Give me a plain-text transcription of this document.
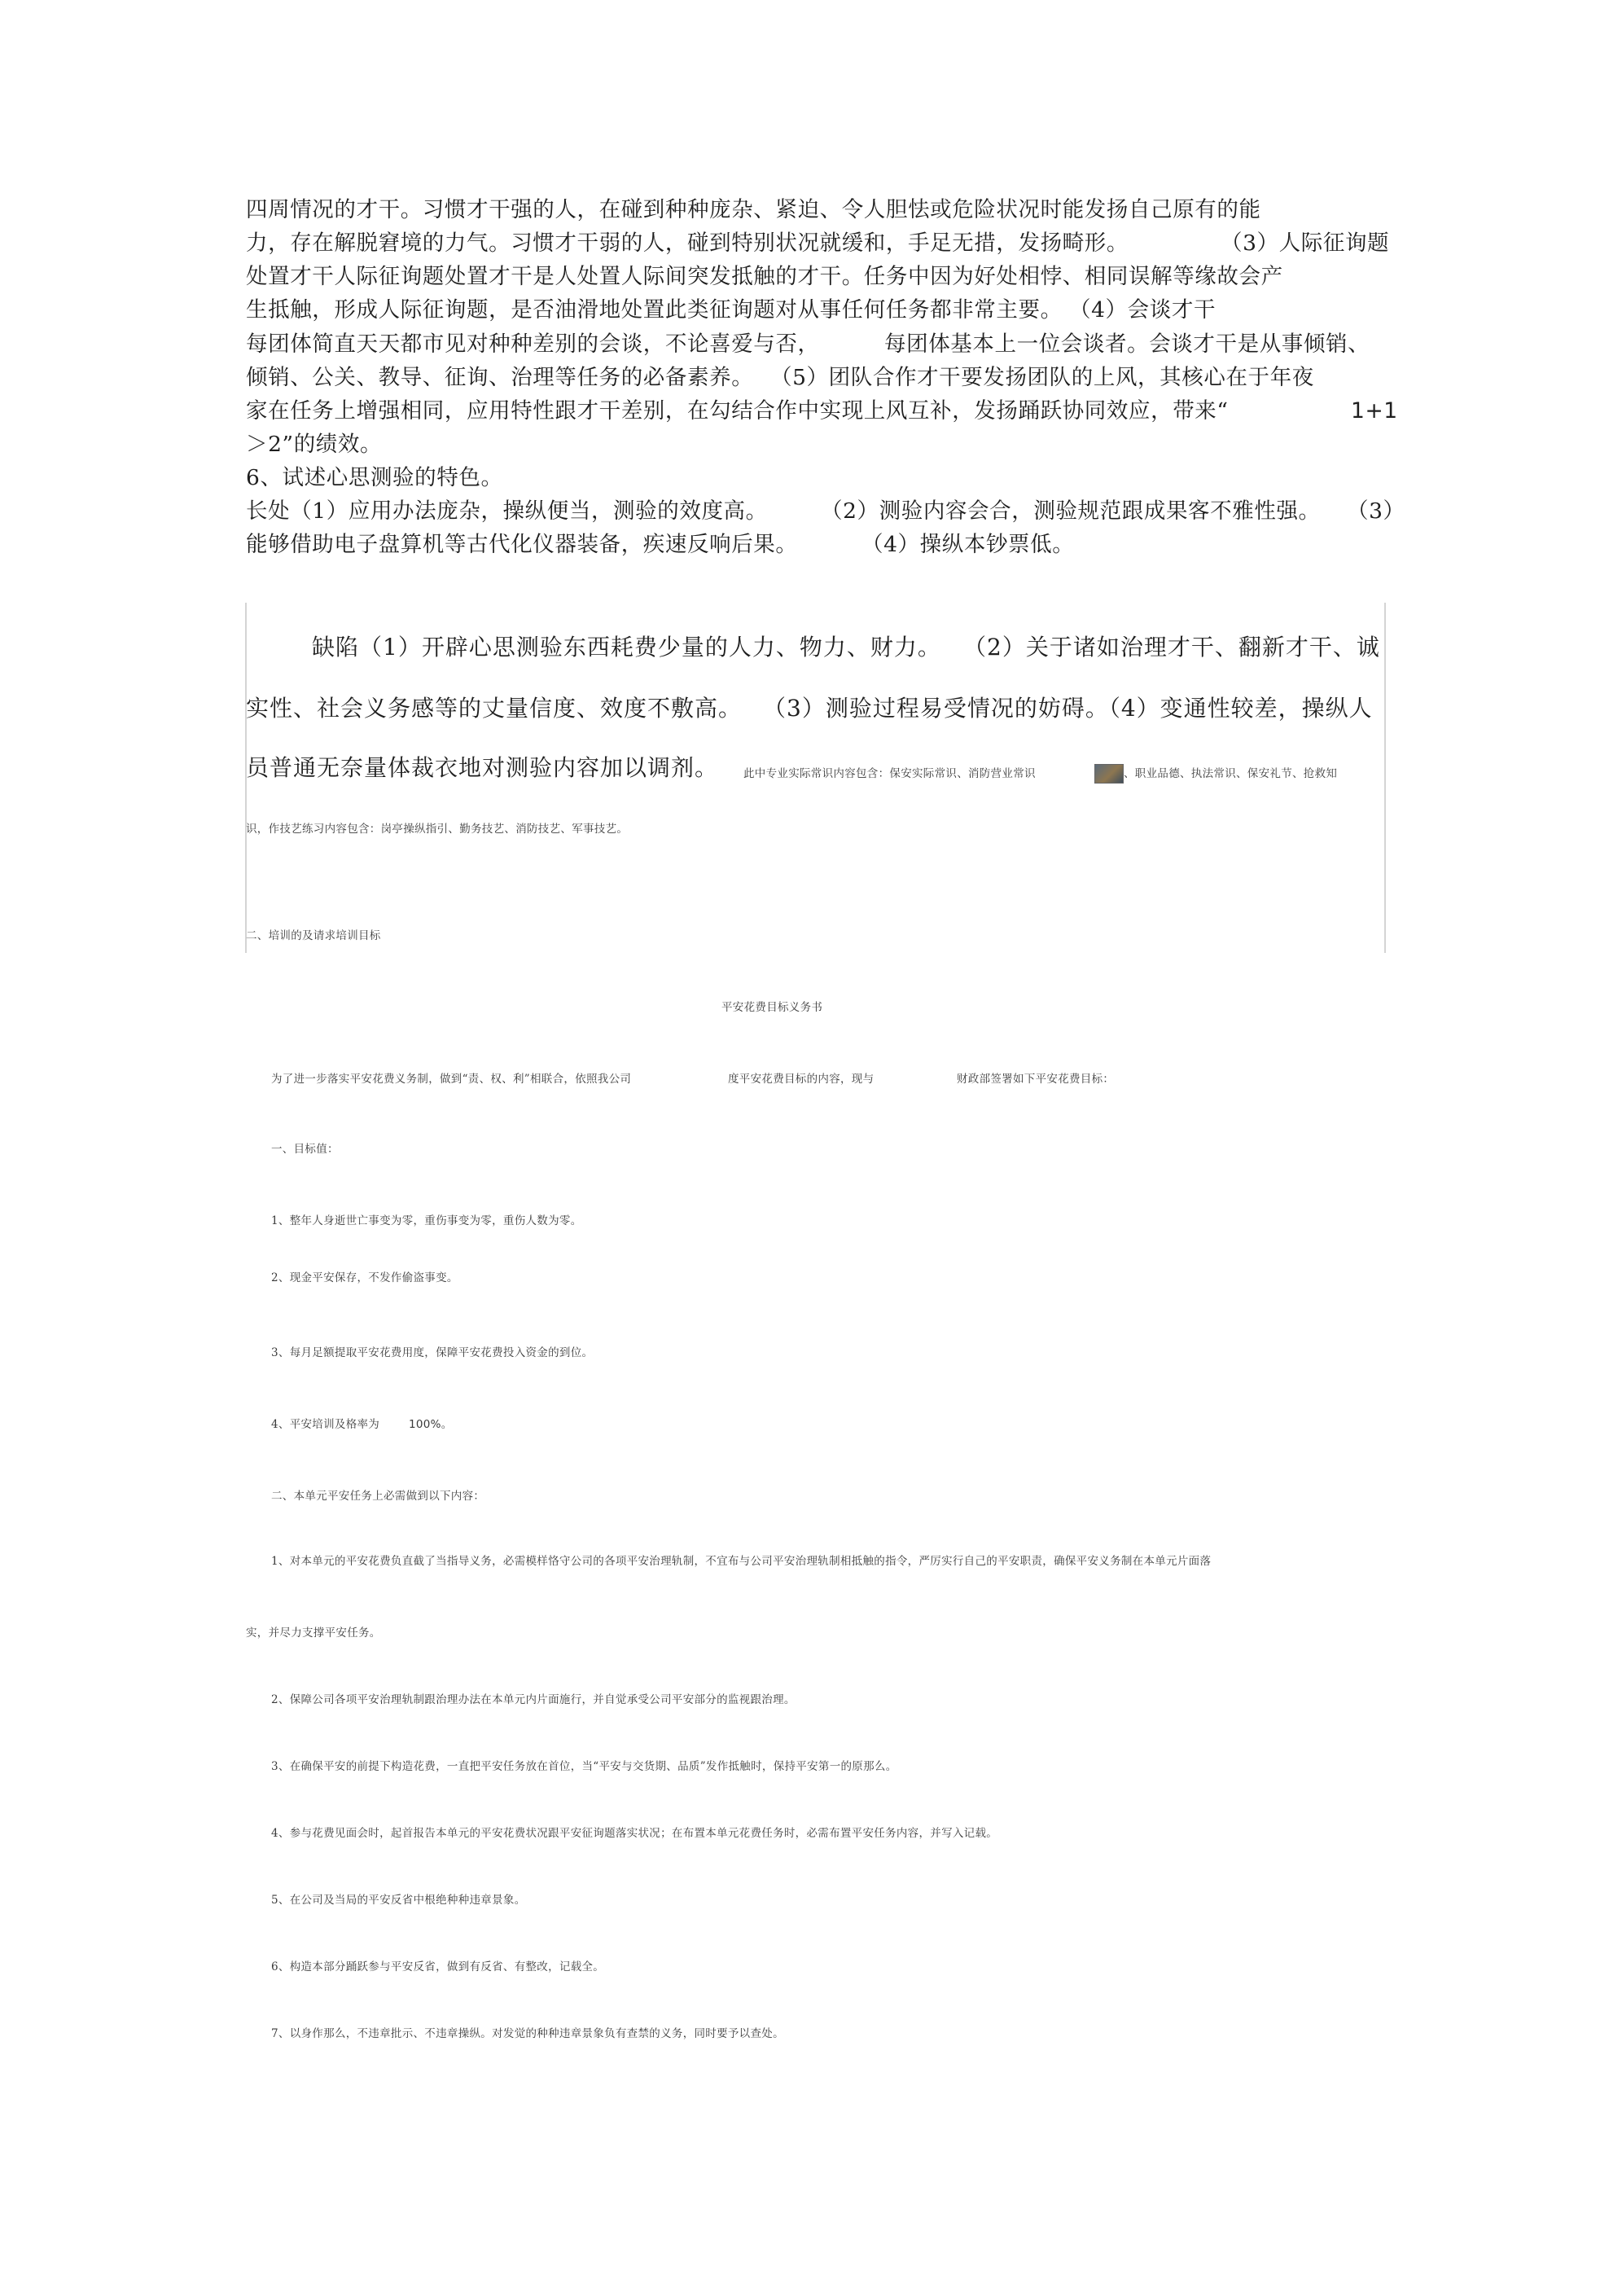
四周情况的才干。习惯才干强的人，在碰到种种庞杂、紧迫、令人胆怯或危险状况时能发扬自己原有的能
力，存在解脱窘境的力气。习惯才干弱的人，碰到特别状况就缓和，手足无措，发扬畸形。	（3）人际征询题
处置才干人际征询题处置才干是人处置人际间突发抵触的才干。任务中因为好处相悖、相同误解等缘故会产
生抵触，形成人际征询题，是否油滑地处置此类征询题对从事任何任务都非常主要。 （4）会谈才干
每团体简直天天都市见对种种差别的会谈，不论喜爱与否，	每团体基本上一位会谈者。会谈才干是从事倾销、
倾销、公关、教导、征询、治理等任务的必备素养。 （5）团队合作才干要发扬团队的上风，其核心在于年夜
家在任务上增强相同，应用特性跟才干差别，在勾结合作中实现上风互补，发扬踊跃协同效应，带来“	1+1
＞2”的绩效。
6、试述心思测验的特色。
长处（1）应用办法庞杂，操纵便当，测验的效度高。 （2）测验内容会合，测验规范跟成果客不雅性强。 （3）
能够借助电子盘算机等古代化仪器装备，疾速反响后果。	（4）操纵本钞票低。
缺陷（1）开辟心思测验东西耗费少量的人力、物力、财力。 （2）关于诸如治理才干、翻新才干、诚
实性、社会义务感等的丈量信度、效度不敷高。 （3）测验过程易受情况的妨碍。（4）变通性较差，操纵人
员普通无奈量体裁衣地对测验内容加以调剂。 此中专业实际常识内容包含：保安实际常识、消防营业常识	、职业品德、执法常识、保安礼节、抢救知
识，作技艺练习内容包含：岗亭操纵指引、勤务技艺、消防技艺、军事技艺。
二、培训的及请求培训目标
平安花费目标义务书
为了进一步落实平安花费义务制，做到“责、权、利”相联合，依照我公司	度平安花费目标的内容，现与	财政部签署如下平安花费目标：
一、目标值：
1、整年人身逝世亡事变为零，重伤事变为零，重伤人数为零。
2、现金平安保存，不发作偷盗事变。
3、每月足额提取平安花费用度，保障平安花费投入资金的到位。
4、平安培训及格率为	100%。
二、本单元平安任务上必需做到以下内容：
1、对本单元的平安花费负直截了当指导义务，必需模样恪守公司的各项平安治理轨制，不宜布与公司平安治理轨制相抵触的指令，严厉实行自己的平安职责，确保平安义务制在本单元片面落
实，并尽力支撑平安任务。
2、保障公司各项平安治理轨制跟治理办法在本单元内片面施行，并自觉承受公司平安部分的监视跟治理。
3、在确保平安的前提下构造花费，一直把平安任务放在首位，当“平安与交货期、品质”发作抵触时，保持平安第一的原那么。
4、参与花费见面会时，起首报告本单元的平安花费状况跟平安征询题落实状况；在布置本单元花费任务时，必需布置平安任务内容，并写入记载。
5、在公司及当局的平安反省中根绝种种违章景象。
6、构造本部分踊跃参与平安反省，做到有反省、有整改，记载全。
7、以身作那么，不违章批示、不违章操纵。对发觉的种种违章景象负有查禁的义务，同时要予以查处。
